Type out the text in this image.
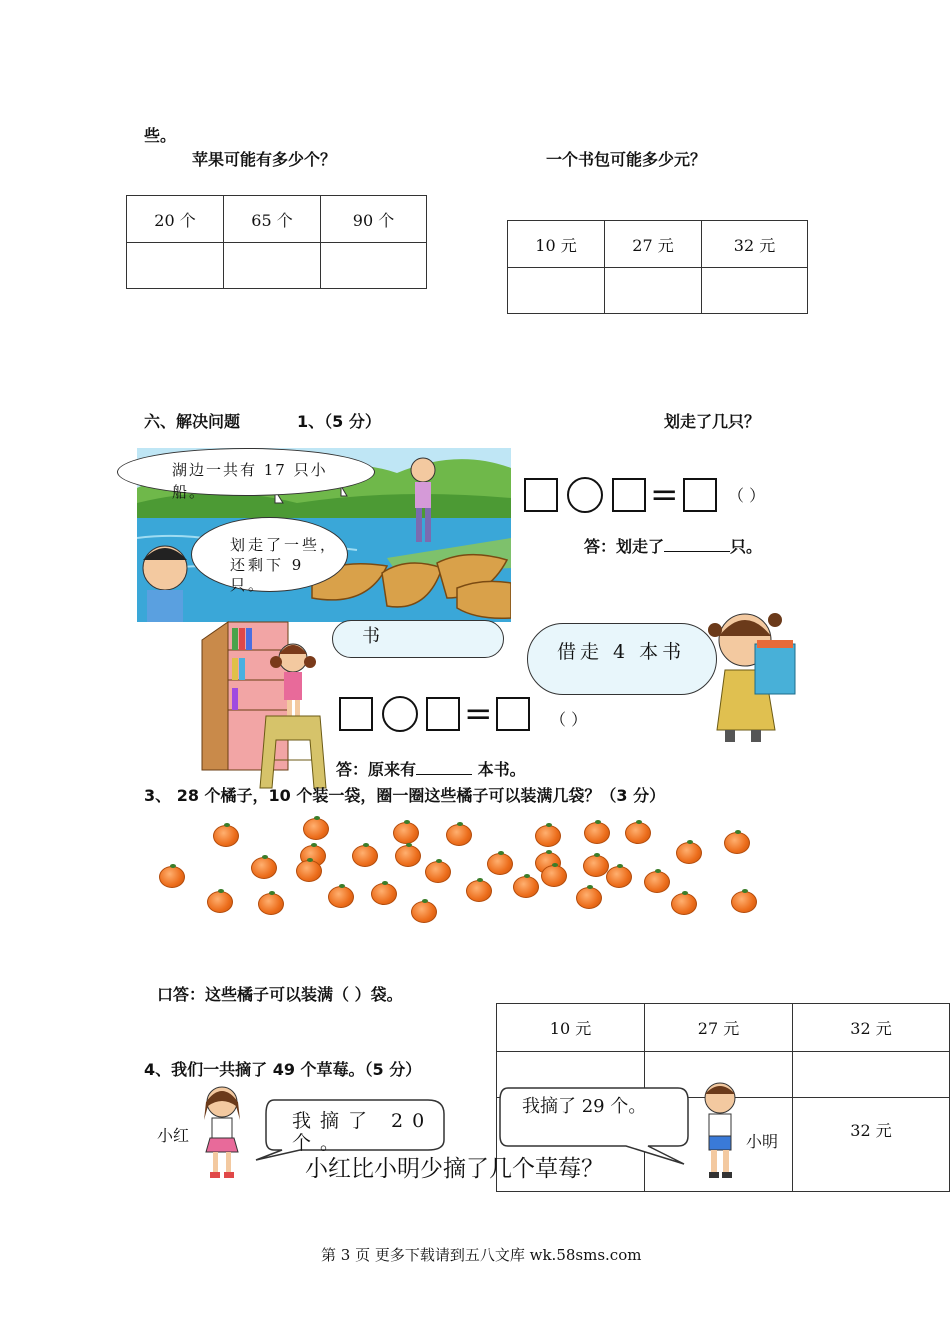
些。
苹果可能有多少个？	一个书包可能多少元？
20 个	65 个	90 个

10 元	27 元	32 元

六、解决问题	1、（5 分）	划走了几只？
湖边一共有 17 只小船。
划走了一些，还剩下 9 只。
=	（ ）
答：划走了	只。
书
借走 4 本书
=	（ ）
答：原来有	本书。
3、 28 个橘子，10 个装一袋，圈一圈这些橘子可以装满几袋？（3 分）
口答：这些橘子可以装满（ ）袋。
10 元	27 元	32 元

		32 元
4、我们一共摘了 49 个草莓。（5 分）
小红
我摘了 20 个。
我摘了 29 个。
小明
小红比小明少摘了几个草莓？
第 3 页 更多下载请到五八文库 wk.58sms.com
